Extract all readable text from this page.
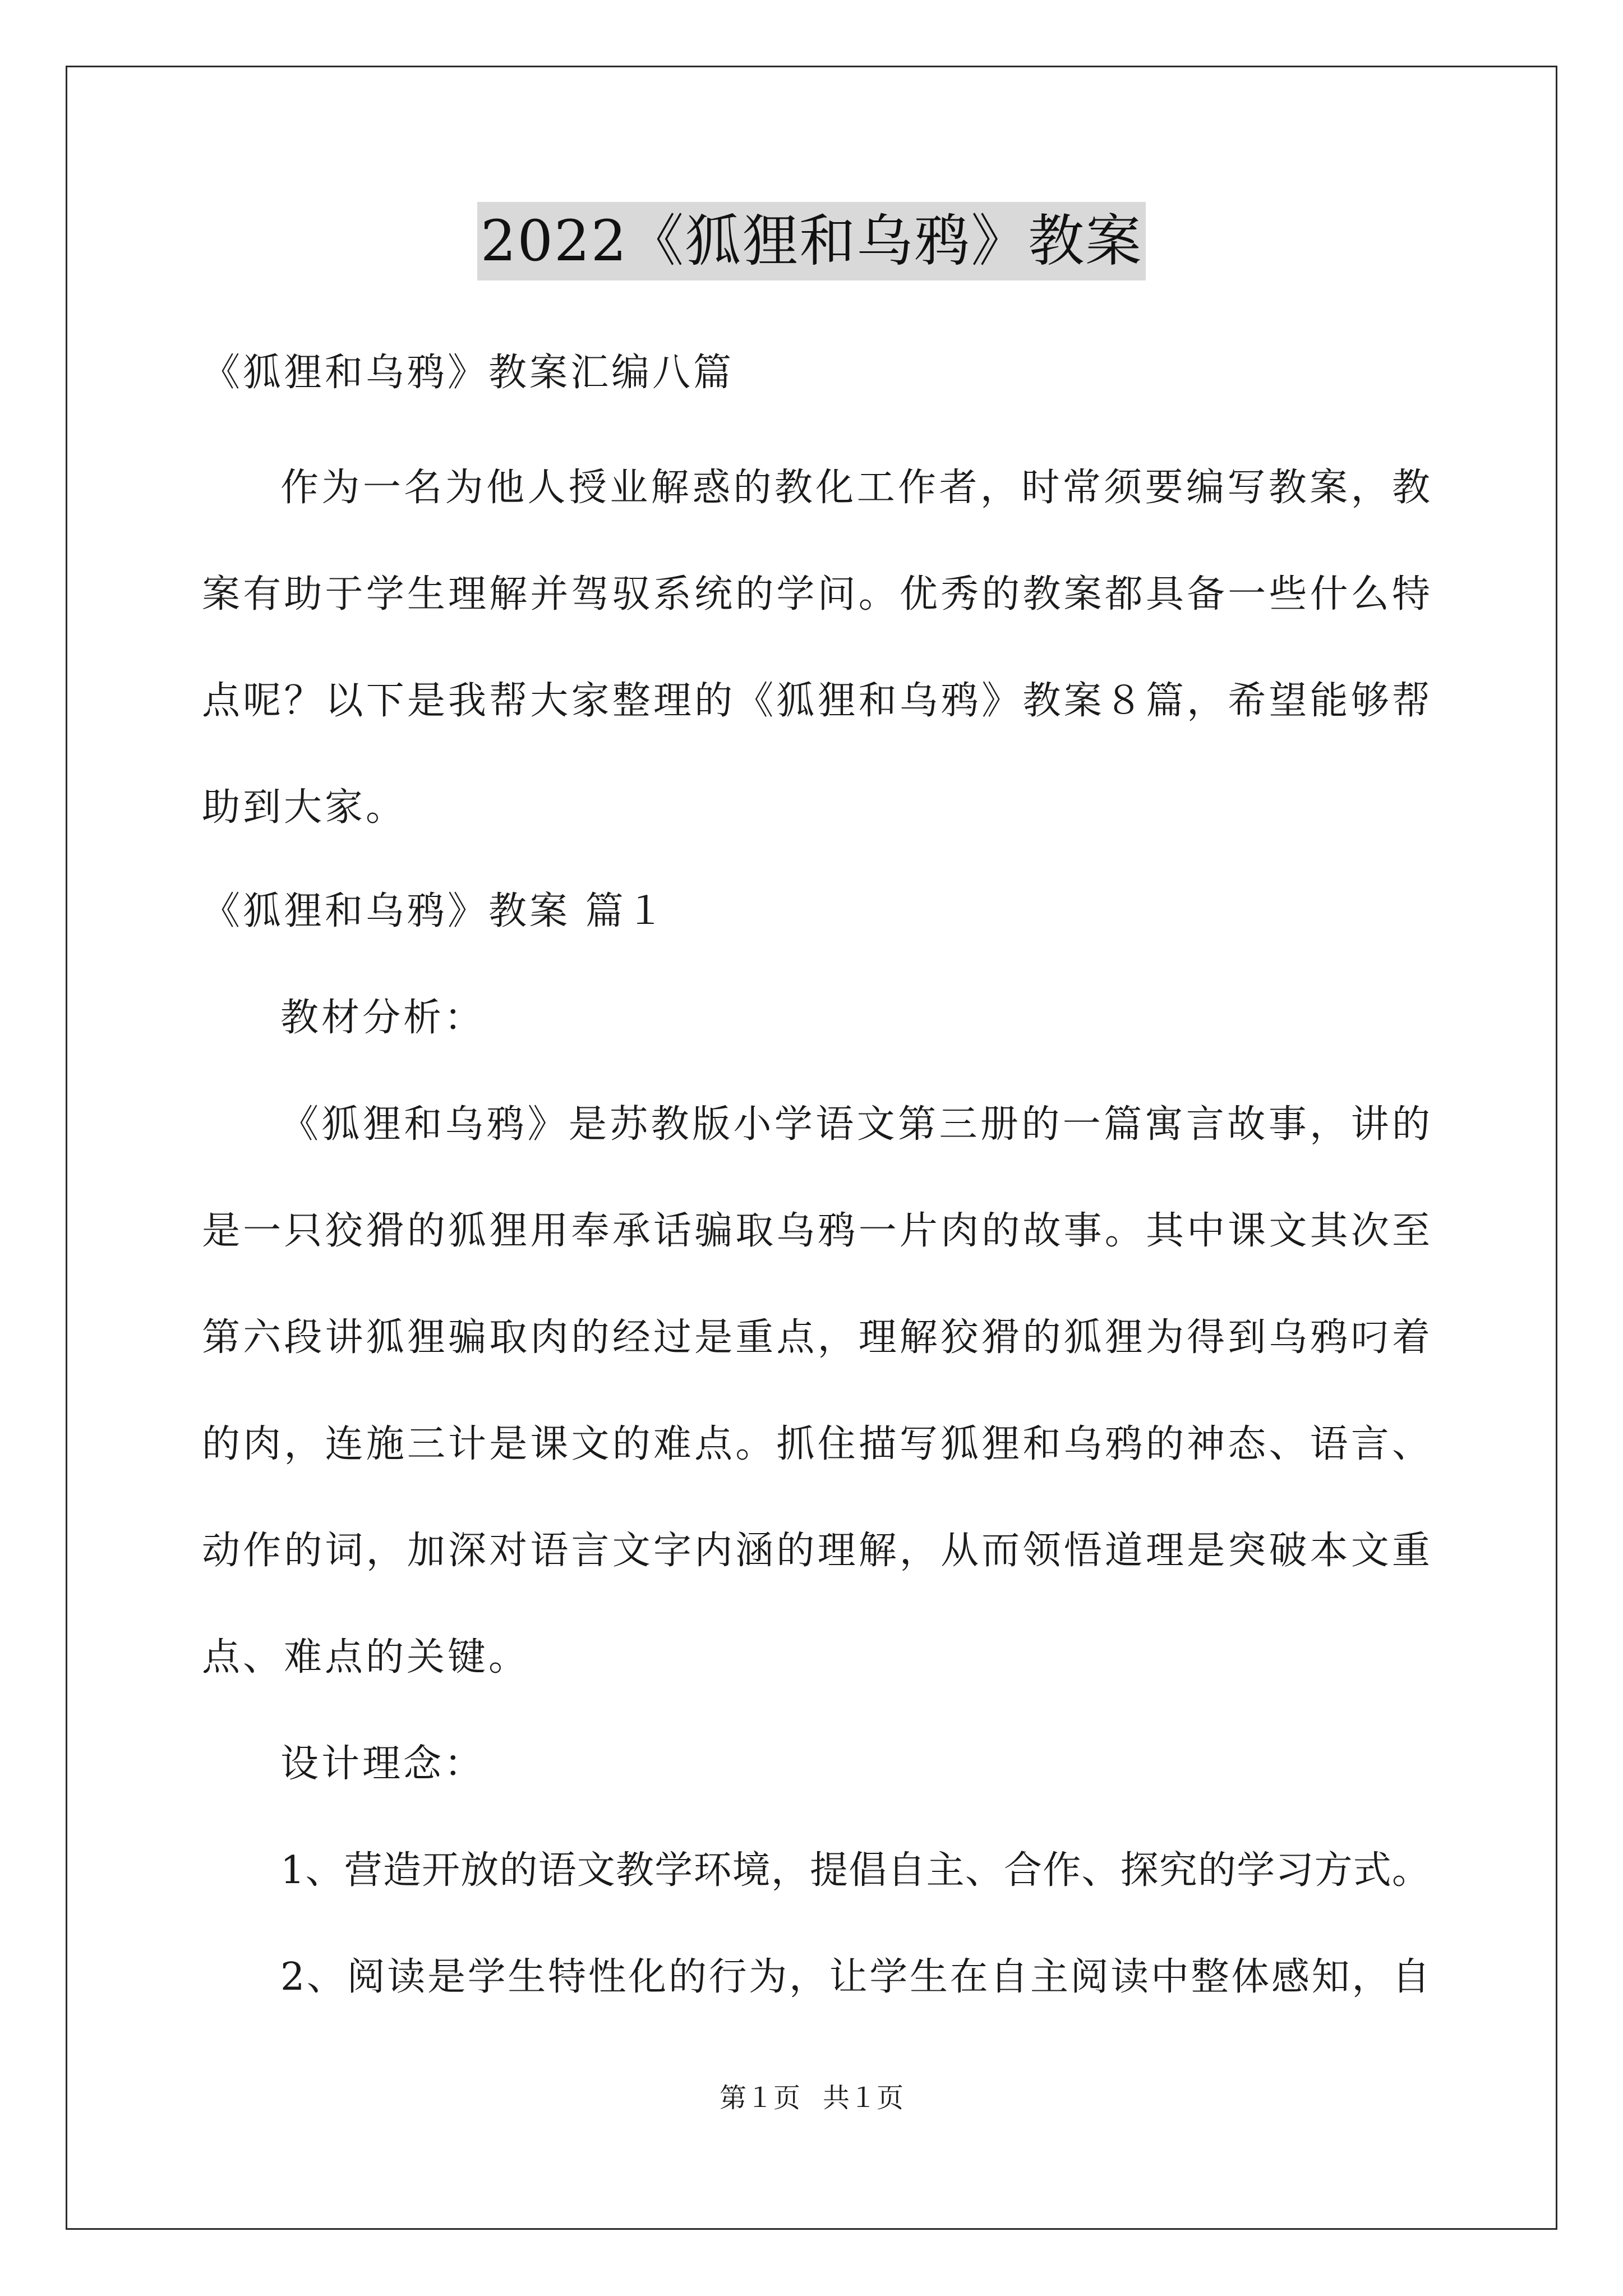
2022《狐狸和乌鸦》教案
《狐狸和乌鸦》教案汇编八篇
作为一名为他人授业解惑的教化工作者，时常须要编写教案，教
案有助于学生理解并驾驭系统的学问。优秀的教案都具备一些什么特
点呢？以下是我帮大家整理的《狐狸和乌鸦》教案８篇，希望能够帮
助到大家。
《狐狸和乌鸦》教案 篇１
教材分析：
《狐狸和乌鸦》是苏教版小学语文第三册的一篇寓言故事，讲的
是一只狡猾的狐狸用奉承话骗取乌鸦一片肉的故事。其中课文其次至
第六段讲狐狸骗取肉的经过是重点，理解狡猾的狐狸为得到乌鸦叼着
的肉，连施三计是课文的难点。抓住描写狐狸和乌鸦的神态、语言、
动作的词，加深对语言文字内涵的理解，从而领悟道理是突破本文重
点、难点的关键。
设计理念：
1、营造开放的语文教学环境，提倡自主、合作、探究的学习方式。
2、阅读是学生特性化的行为，让学生在自主阅读中整体感知，自
第１页 共１页
